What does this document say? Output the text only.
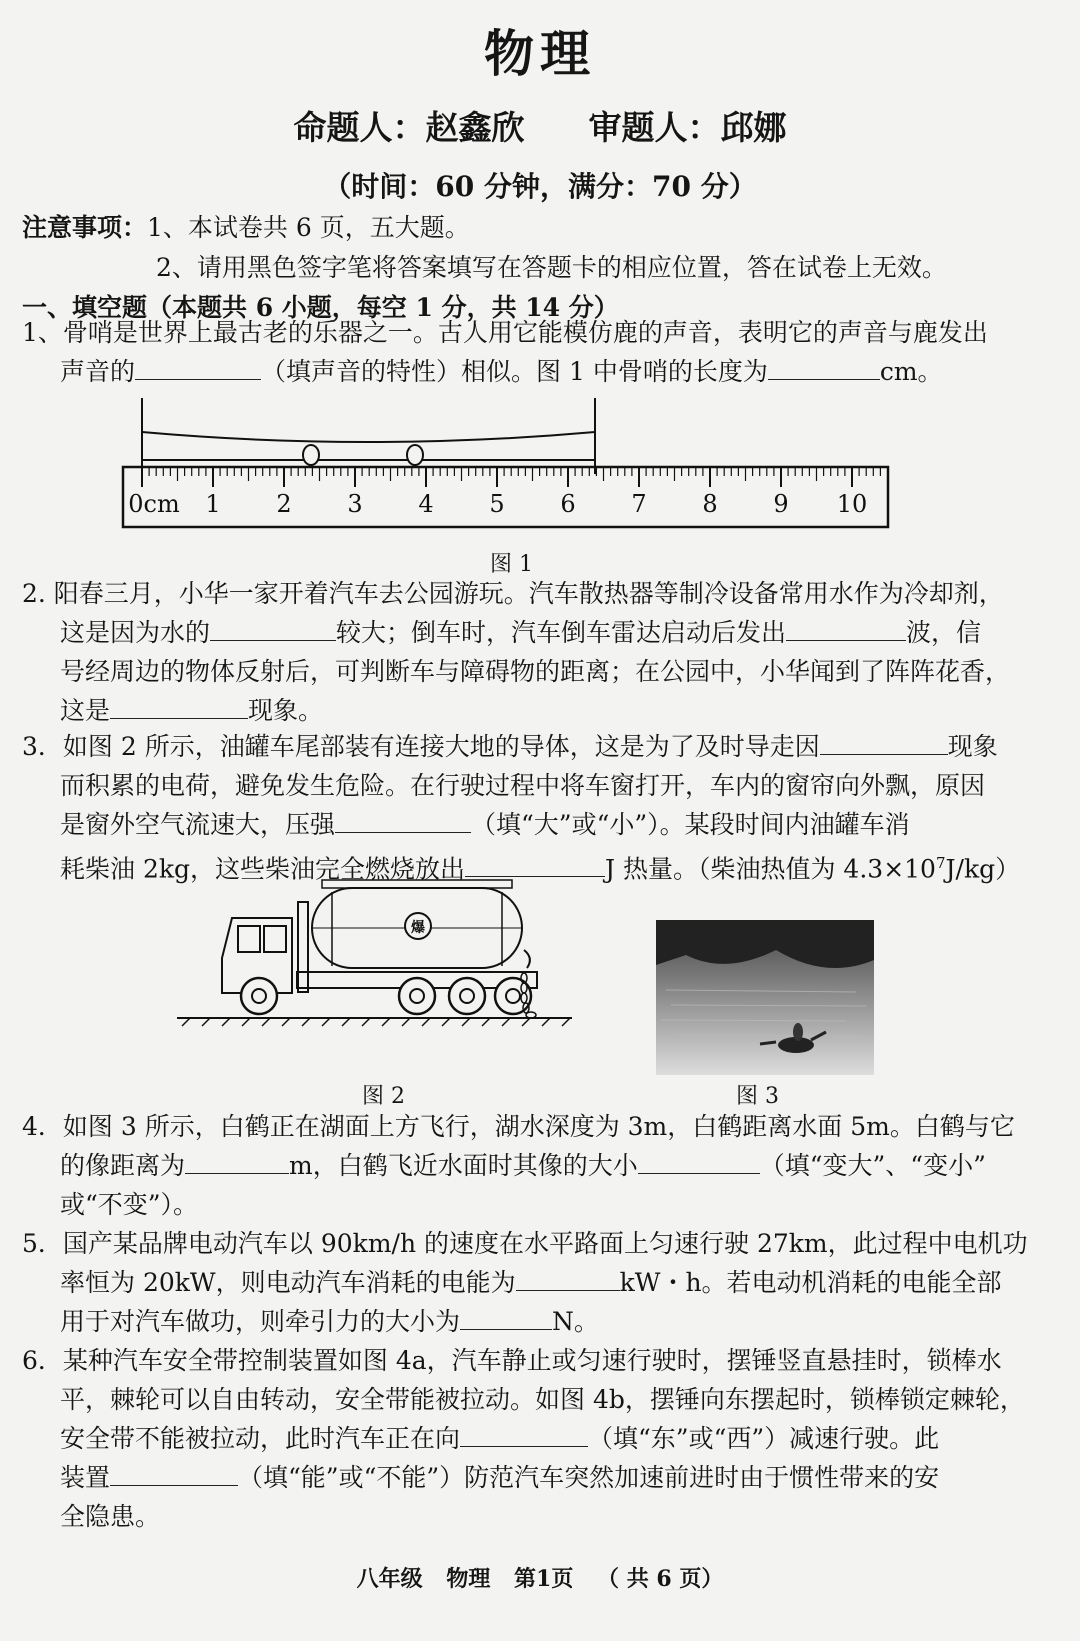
物理
命题人：赵鑫欣 审题人：邱娜
（时间：60 分钟，满分：70 分）
注意事项：1、本试卷共 6 页，五大题。
2、请用黑色签字笔将答案填写在答题卡的相应位置，答在试卷上无效。
一、填空题（本题共 6 小题，每空 1 分，共 14 分）
1、骨哨是世界上最古老的乐器之一。古人用它能模仿鹿的声音，表明它的声音与鹿发出
声音的	（填声音的特性）相似。图 1 中骨哨的长度为	cm。
0cm 1 2 3 4 5 6 7 8 9 10
图 1
2. 阳春三月，小华一家开着汽车去公园游玩。汽车散热器等制冷设备常用水作为冷却剂，
这是因为水的	较大；倒车时，汽车倒车雷达启动后发出	波，信
号经周边的物体反射后，可判断车与障碍物的距离；在公园中，小华闻到了阵阵花香，
这是	现象。
3．如图 2 所示，油罐车尾部装有连接大地的导体，这是为了及时导走因	现象
而积累的电荷，避免发生危险。在行驶过程中将车窗打开，车内的窗帘向外飘，原因
是窗外空气流速大，压强	（填“大”或“小”）。某段时间内油罐车消
耗柴油 2kg，这些柴油完全燃烧放出	J 热量。（柴油热值为 $4.3\times 10^7J/kg$）
爆
图 2	图 3
4．如图 3 所示，白鹤正在湖面上方飞行，湖水深度为 3m，白鹤距离水面 5m。白鹤与它
的像距离为	m，白鹤飞近水面时其像的大小	（填“变大”、“变小”
或“不变”）。
5．国产某品牌电动汽车以 90km/h 的速度在水平路面上匀速行驶 27km，此过程中电机功
率恒为 20kW，则电动汽车消耗的电能为	kW・h。若电动机消耗的电能全部
用于对汽车做功，则牵引力的大小为	N。
6．某种汽车安全带控制装置如图 4a，汽车静止或匀速行驶时，摆锤竖直悬挂时，锁棒水
平，棘轮可以自由转动，安全带能被拉动。如图 4b，摆锤向东摆起时，锁棒锁定棘轮，
安全带不能被拉动，此时汽车正在向	（填“东”或“西”）减速行驶。此
装置	（填“能”或“不能”）防范汽车突然加速前进时由于惯性带来的安
全隐患。
八年级 物理 第1页 （ 共 6 页）
